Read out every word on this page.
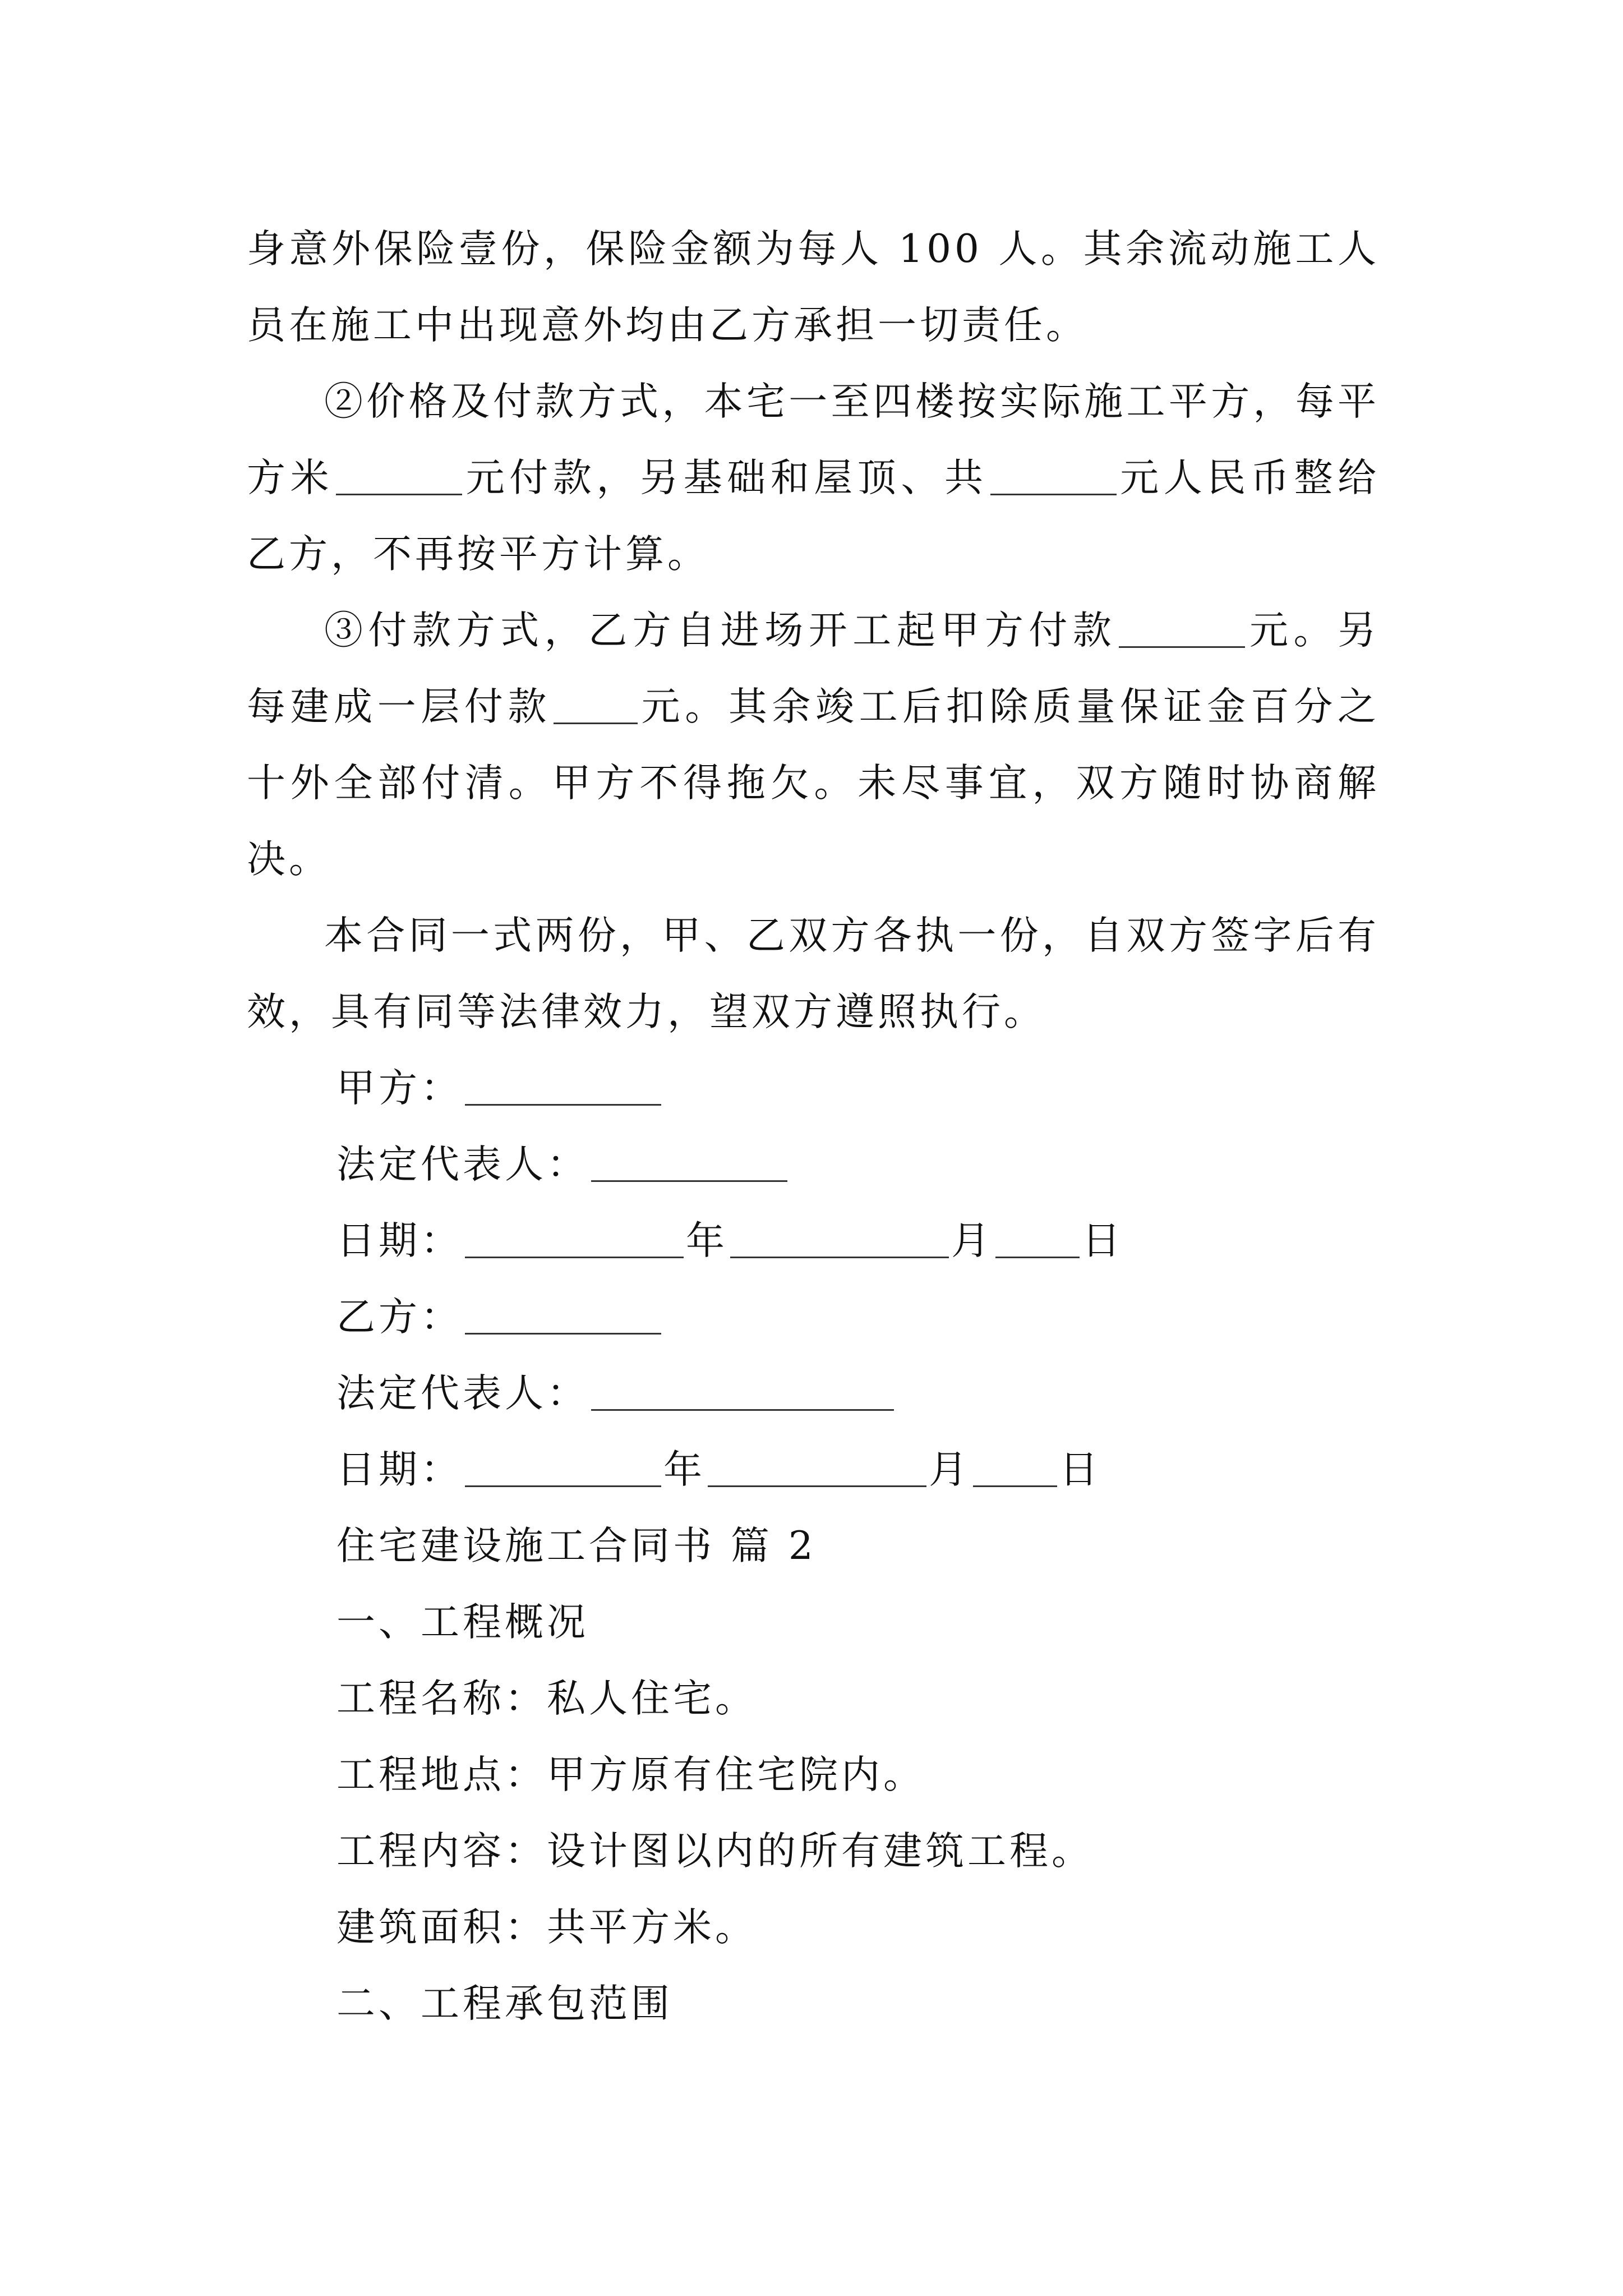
身意外保险壹份，保险金额为每人 100 人。其余流动施工人员在施工中出现意外均由乙方承担一切责任。

②价格及付款方式，本宅一至四楼按实际施工平方，每平方米	元付款，另基础和屋顶、共	元人民币整给乙方，不再按平方计算。

③付款方式，乙方自进场开工起甲方付款	元。另每建成一层付款 元。其余竣工后扣除质量保证金百分之十外全部付清。甲方不得拖欠。未尽事宜，双方随时协商解决。

本合同一式两份，甲、乙双方各执一份，自双方签字后有效，具有同等法律效力，望双方遵照执行。

甲方：

法定代表人：

日期：	年	月 日

乙方：

法定代表人：

日期：	年	月 日

住宅建设施工合同书 篇 2

一、工程概况

工程名称：私人住宅。

工程地点：甲方原有住宅院内。

工程内容：设计图以内的所有建筑工程。

建筑面积：共平方米。

二、工程承包范围
